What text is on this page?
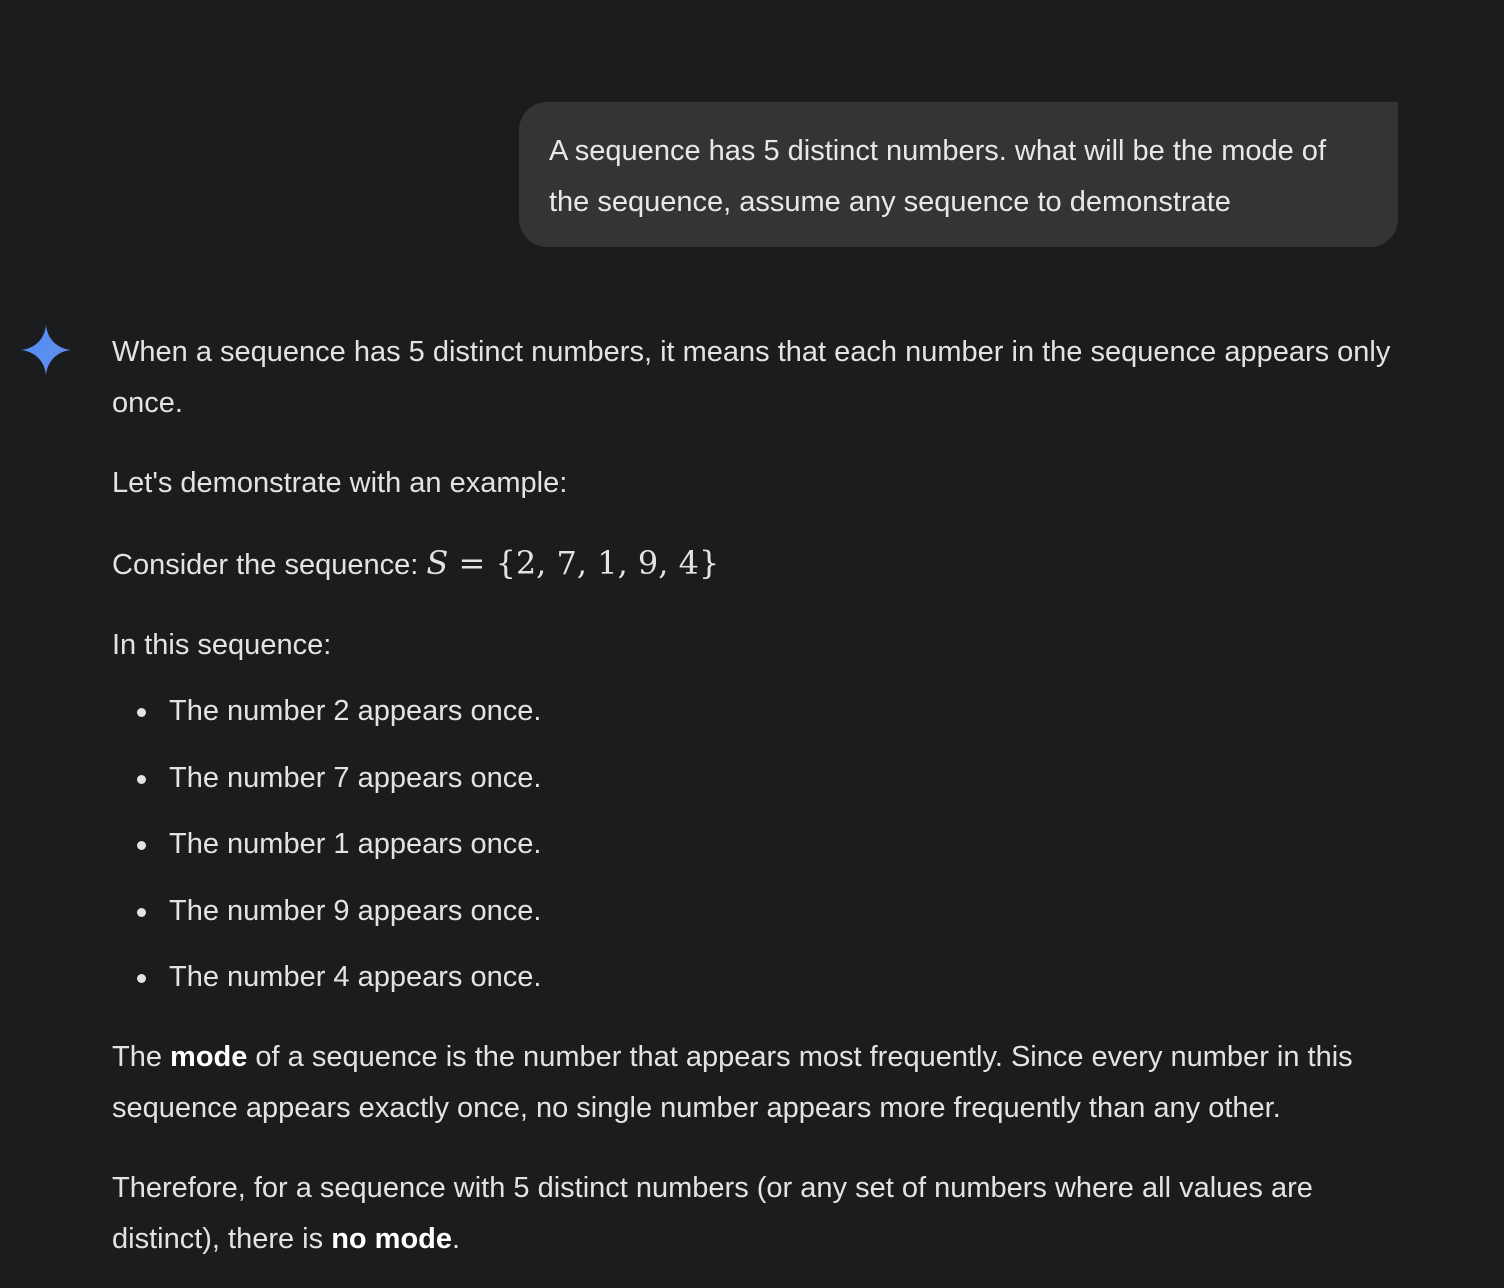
A sequence has 5 distinct numbers. what will be the mode of the sequence, assume any sequence to demonstrate

When a sequence has 5 distinct numbers, it means that each number in the sequence appears only once.

Let's demonstrate with an example:

Consider the sequence: S = {2, 7, 1, 9, 4}

In this sequence:

The number 2 appears once.
The number 7 appears once.
The number 1 appears once.
The number 9 appears once.
The number 4 appears once.

The mode of a sequence is the number that appears most frequently. Since every number in this sequence appears exactly once, no single number appears more frequently than any other.

Therefore, for a sequence with 5 distinct numbers (or any set of numbers where all values are distinct), there is no mode.
